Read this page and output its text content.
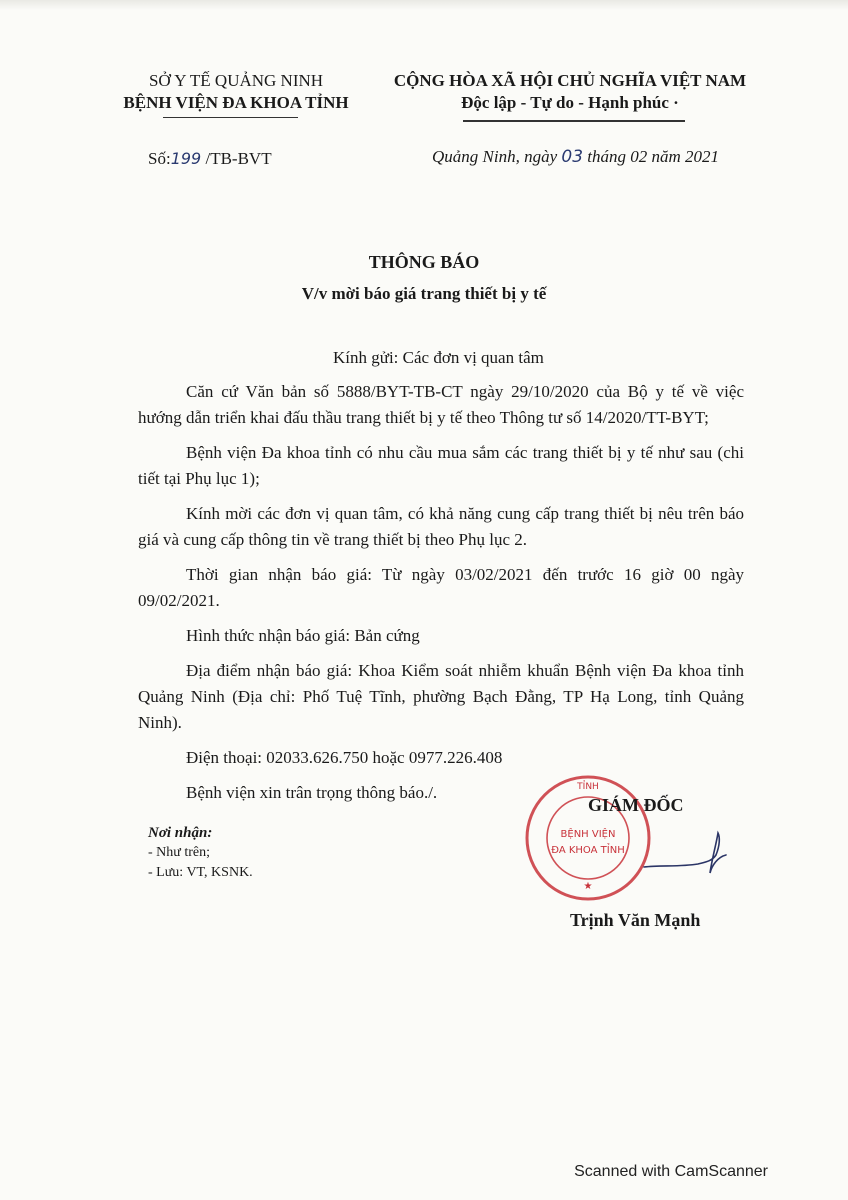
SỞ Y TẾ QUẢNG NINH
BỆNH VIỆN ĐA KHOA TỈNH
CỘNG HÒA XÃ HỘI CHỦ NGHĨA VIỆT NAM
Độc lập - Tự do - Hạnh phúc ·
Số:199 /TB-BVT	Quảng Ninh, ngày 03 tháng 02 năm 2021
THÔNG BÁO
V/v mời báo giá trang thiết bị y tế

Kính gửi: Các đơn vị quan tâm

Căn cứ Văn bản số 5888/BYT-TB-CT ngày 29/10/2020 của Bộ y tế về việc hướng dẫn triển khai đấu thầu trang thiết bị y tế theo Thông tư số 14/2020/TT-BYT;

Bệnh viện Đa khoa tỉnh có nhu cầu mua sắm các trang thiết bị y tế như sau (chi tiết tại Phụ lục 1);

Kính mời các đơn vị quan tâm, có khả năng cung cấp trang thiết bị nêu trên báo giá và cung cấp thông tin về trang thiết bị theo Phụ lục 2.

Thời gian nhận báo giá: Từ ngày 03/02/2021 đến trước 16 giờ 00 ngày 09/02/2021.

Hình thức nhận báo giá: Bản cứng

Địa điểm nhận báo giá: Khoa Kiểm soát nhiễm khuẩn Bệnh viện Đa khoa tỉnh Quảng Ninh (Địa chỉ: Phố Tuệ Tĩnh, phường Bạch Đằng, TP Hạ Long, tỉnh Quảng Ninh).

Điện thoại: 02033.626.750 hoặc 0977.226.408

Bệnh viện xin trân trọng thông báo./.

Nơi nhận:
- Như trên;
- Lưu: VT, KSNK.
TỈNH
BỆNH VIỆN
ĐA KHOA TỈNH
★
GIÁM ĐỐC
Trịnh Văn Mạnh
Scanned with CamScanner
